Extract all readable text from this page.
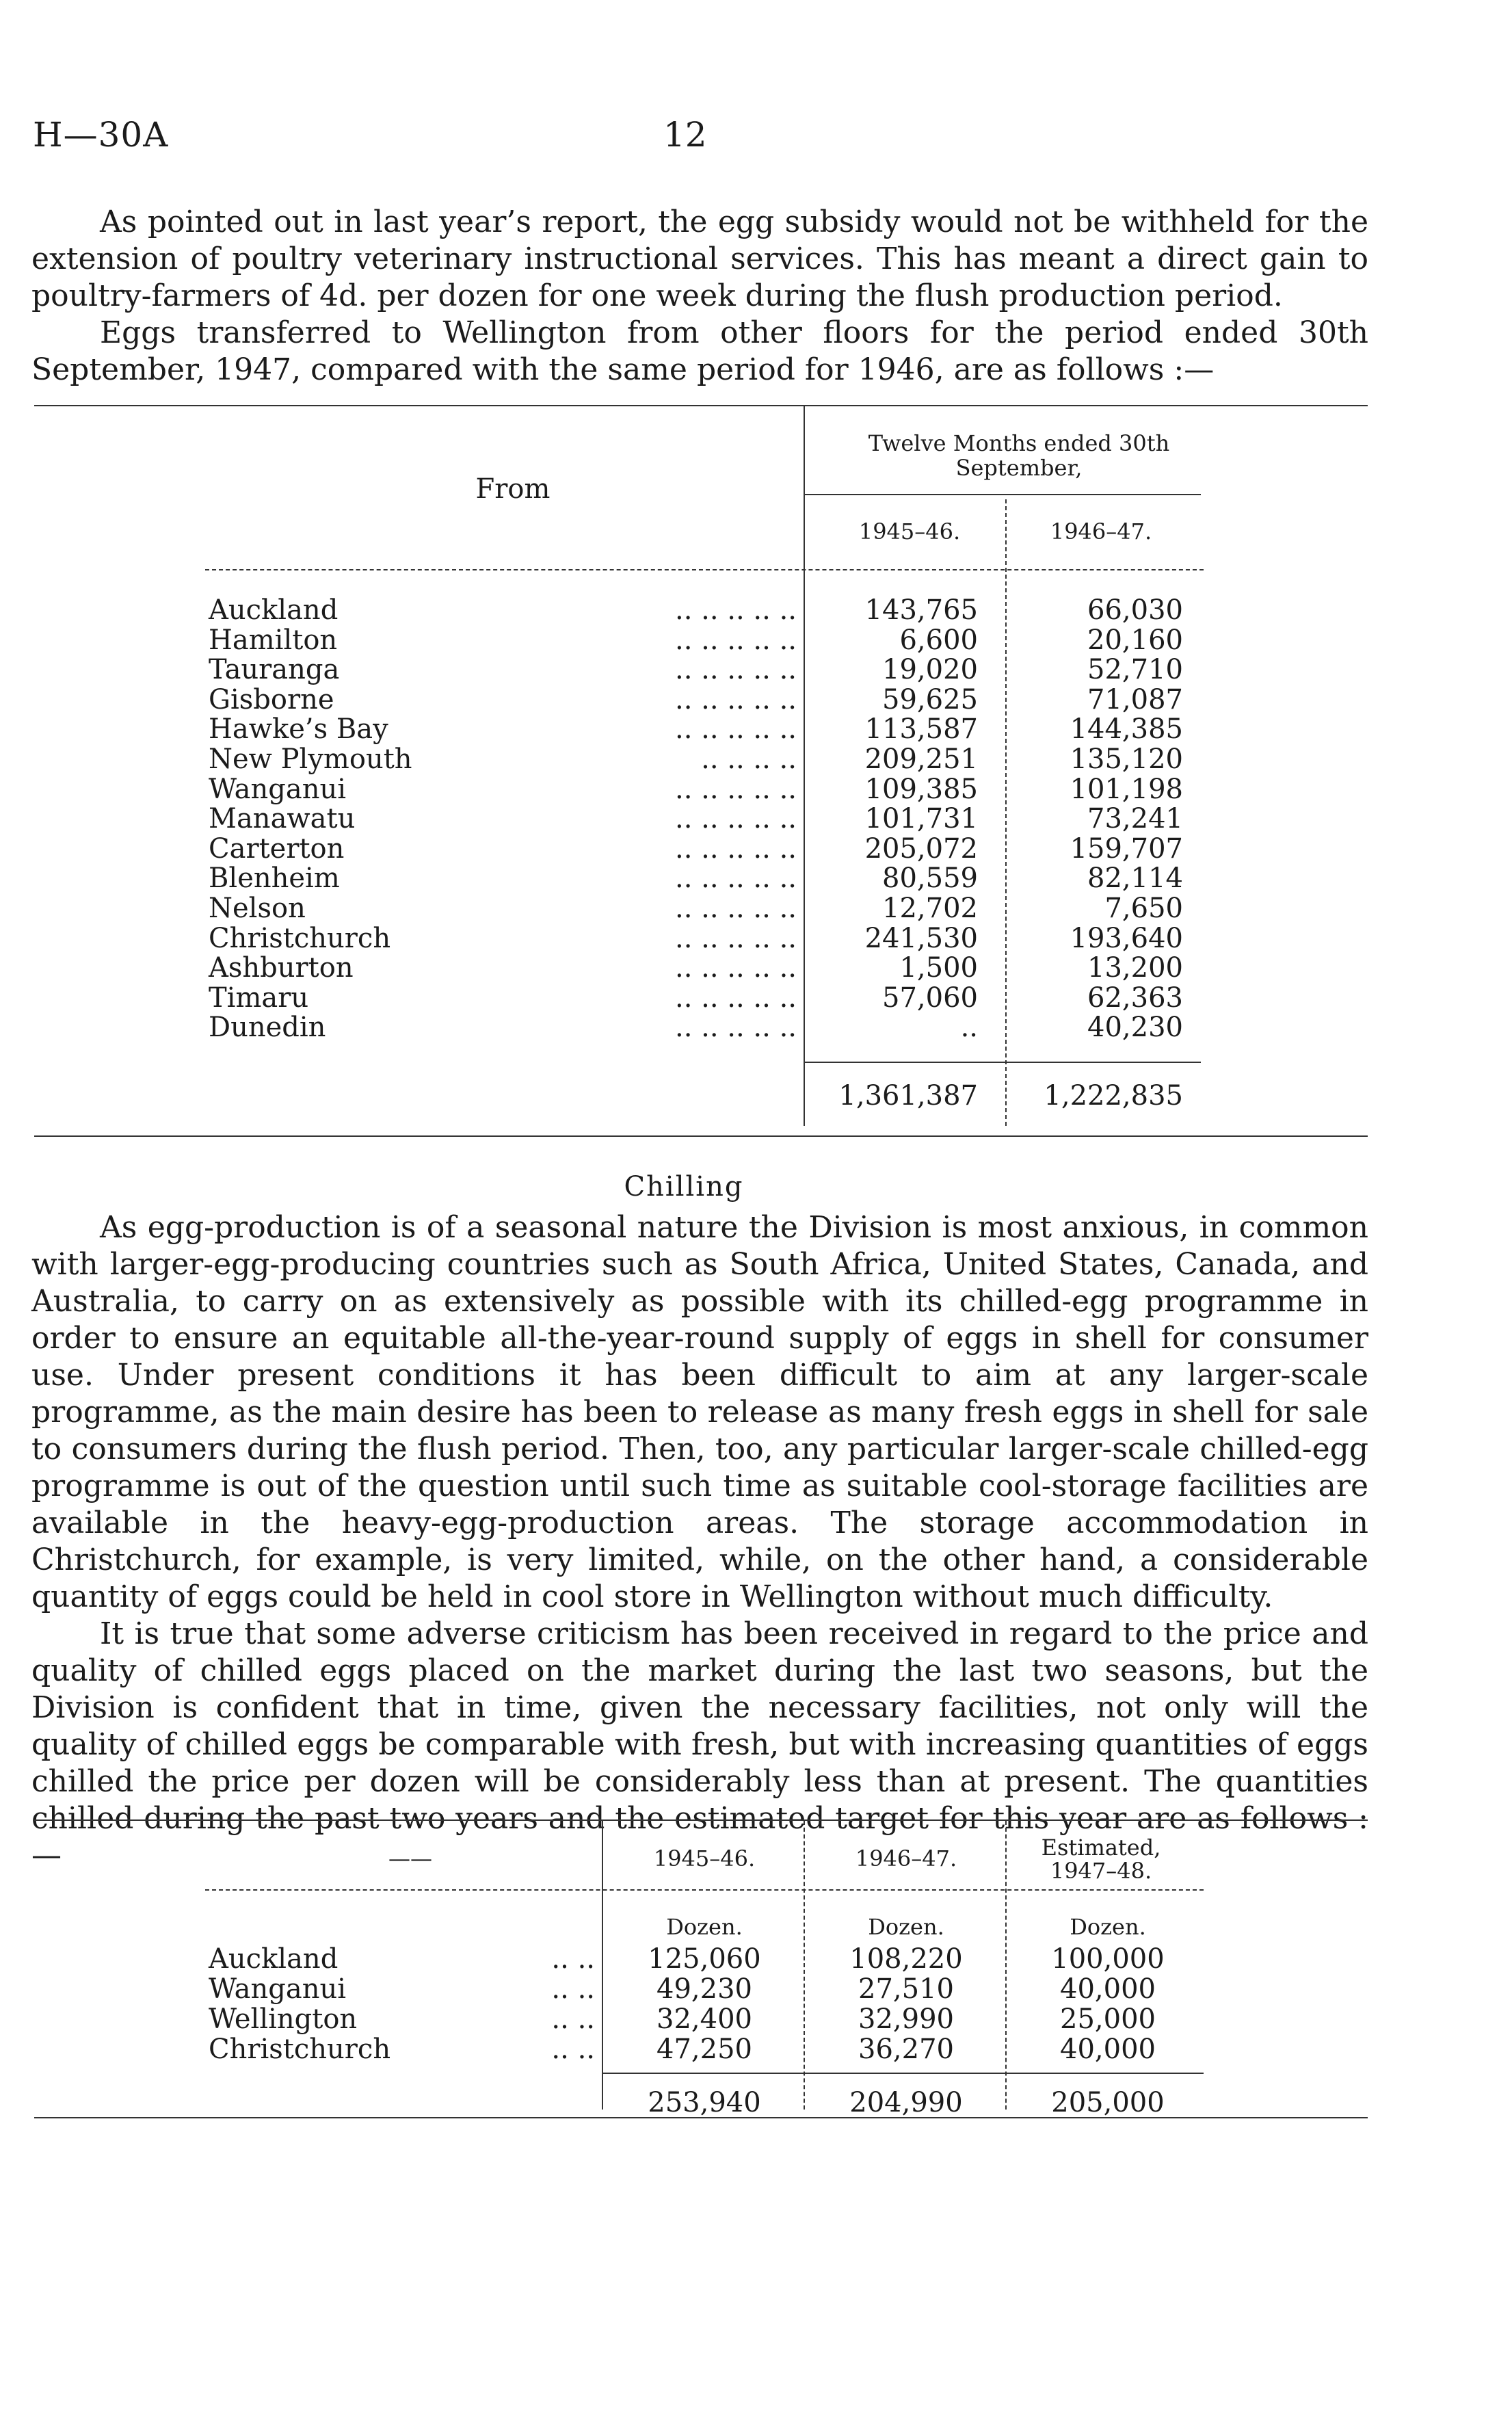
H—30A	12

As pointed out in last year’s report, the egg subsidy would not be withheld for the extension of poultry veterinary instructional services. This has meant a direct gain to poultry-farmers of 4d. per dozen for one week during the flush production period.

Eggs transferred to Wellington from other floors for the period ended 30th September, 1947, compared with the same period for 1946, are as follows :—

From
Twelve Months ended 30th September,
1945–46.	1946–47.
Auckland	.. .. .. .. ..	143,765	66,030
Hamilton	.. .. .. .. ..	6,600	20,160
Tauranga	.. .. .. .. ..	19,020	52,710
Gisborne	.. .. .. .. ..	59,625	71,087
Hawke’s Bay	.. .. .. .. ..	113,587	144,385
New Plymouth	.. .. .. ..	209,251	135,120
Wanganui	.. .. .. .. ..	109,385	101,198
Manawatu	.. .. .. .. ..	101,731	73,241
Carterton	.. .. .. .. ..	205,072	159,707
Blenheim	.. .. .. .. ..	80,559	82,114
Nelson	.. .. .. .. ..	12,702	7,650
Christchurch	.. .. .. .. ..	241,530	193,640
Ashburton	.. .. .. .. ..	1,500	13,200
Timaru	.. .. .. .. ..	57,060	62,363
Dunedin	.. .. .. .. ..	..	40,230
1,361,387	1,222,835
Chilling

As egg-production is of a seasonal nature the Division is most anxious, in common with larger-egg-producing countries such as South Africa, United States, Canada, and Australia, to carry on as extensively as possible with its chilled-egg programme in order to ensure an equitable all-the-year-round supply of eggs in shell for consumer use. Under present conditions it has been difficult to aim at any larger-scale programme, as the main desire has been to release as many fresh eggs in shell for sale to consumers during the flush period. Then, too, any particular larger-scale chilled-egg programme is out of the question until such time as suitable cool-storage facilities are available in the heavy-egg-production areas. The storage accommodation in Christchurch, for example, is very limited, while, on the other hand, a considerable quantity of eggs could be held in cool store in Wellington without much difficulty.

It is true that some adverse criticism has been received in regard to the price and quality of chilled eggs placed on the market during the last two seasons, but the Division is confident that in time, given the necessary facilities, not only will the quality of chilled eggs be comparable with fresh, but with increasing quantities of eggs chilled the price per dozen will be considerably less than at present. The quantities chilled during the past two years and the estimated target for this year are as follows :—	——	1945–46.	1946–47.	Estimated, 1947–48.
Dozen.	Dozen.	Dozen.
Auckland	.. ..	125,060	108,220	100,000
Wanganui	.. ..	49,230	27,510	40,000
Wellington	.. ..	32,400	32,990	25,000
Christchurch	.. ..	47,250	36,270	40,000
253,940	204,990	205,000
